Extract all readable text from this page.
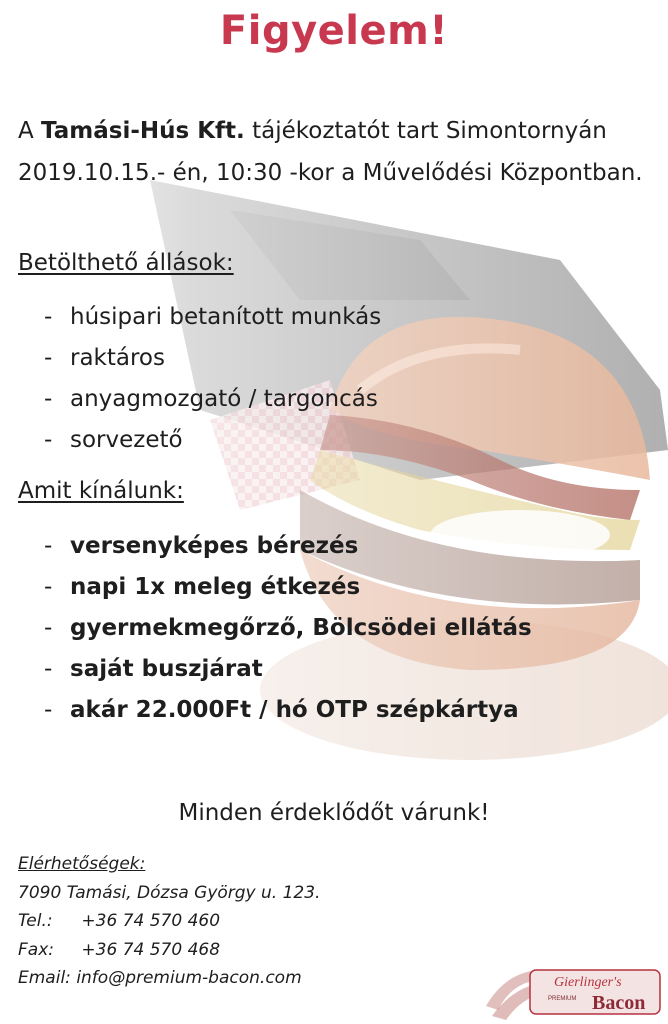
Figyelem!
A Tamási-Hús Kft. tájékoztatót tart Simontornyán 2019.10.15.- én, 10:30 -kor a Művelődési Központban.
Betölthető állások:
- húsipari betanított munkás
- raktáros
- anyagmozgató / targoncás
- sorvezető
Amit kínálunk:
- versenyképes bérezés
- napi 1x meleg étkezés
- gyermekmegőrző, Bölcsödei ellátás
- saját buszjárat
- akár 22.000Ft / hó OTP szépkártya
Minden érdeklődőt várunk!
Elérhetőségek:
7090 Tamási, Dózsa György u. 123.
Tel.: +36 74 570 460
Fax: +36 74 570 468
Email: info@premium-bacon.com	Gierlinger's
PREMIUM Bacon
